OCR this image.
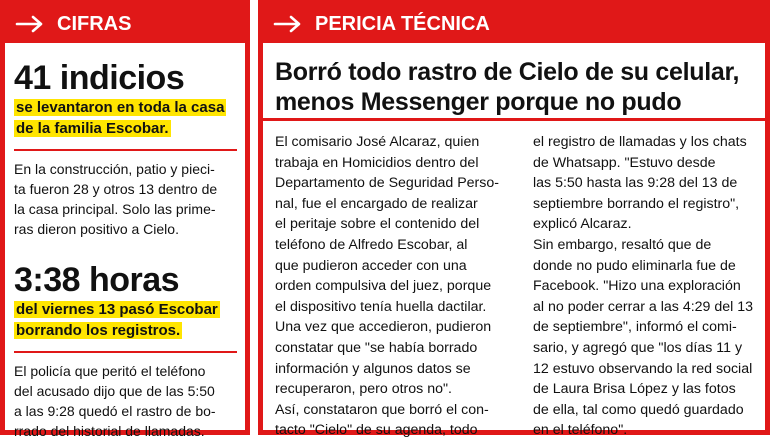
CIFRAS

41 indicios

se levantaron en toda la casa de la familia Escobar.

En la construcción, patio y pieci-
ta fueron 28 y otros 13 dentro de
la casa principal. Solo las prime-
ras dieron positivo a Cielo.

3:38 horas

del viernes 13 pasó Escobar borrando los registros.

El policía que peritó el teléfono
del acusado dijo que de las 5:50
a las 9:28 quedó el rastro de bo-
rrado del historial de llamadas.
PERICIA TÉCNICA
Borró todo rastro de Cielo de su celular,
menos Messenger porque no pudo
El comisario José Alcaraz, quien
trabaja en Homicidios dentro del
Departamento de Seguridad Perso-
nal, fue el encargado de realizar
el peritaje sobre el contenido del
teléfono de Alfredo Escobar, al
que pudieron acceder con una
orden compulsiva del juez, porque
el dispositivo tenía huella dactilar.
Una vez que accedieron, pudieron
constatar que "se había borrado
información y algunos datos se
recuperaron, pero otros no".
Así, constataron que borró el con-
tacto "Cielo" de su agenda, todo
el registro de llamadas y los chats
de Whatsapp. "Estuvo desde
las 5:50 hasta las 9:28 del 13 de
septiembre borrando el registro",
explicó Alcaraz.
Sin embargo, resaltó que de
donde no pudo eliminarla fue de
Facebook. "Hizo una exploración
al no poder cerrar a las 4:29 del 13
de septiembre", informó el comi-
sario, y agregó que "los días 11 y
12 estuvo observando la red social
de Laura Brisa López y las fotos
de ella, tal como quedó guardado
en el teléfono".
